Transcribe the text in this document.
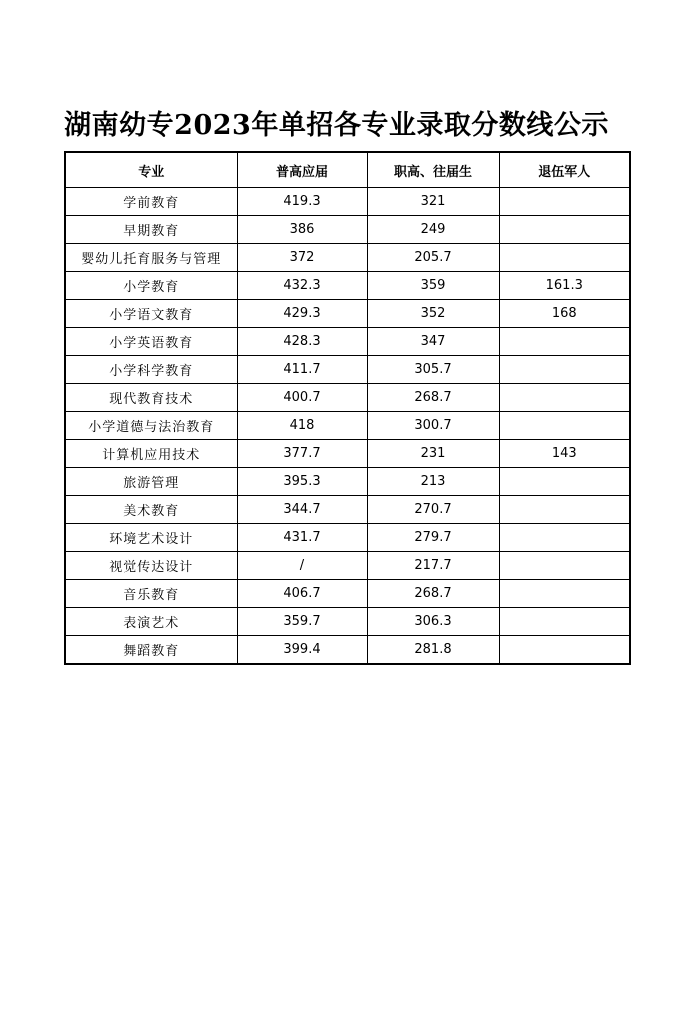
湖南幼专2023年单招各专业录取分数线公示
专业	普高应届	职高、往届生	退伍军人
学前教育	419.3	321	
早期教育	386	249	
婴幼儿托育服务与管理	372	205.7	
小学教育	432.3	359	161.3
小学语文教育	429.3	352	168
小学英语教育	428.3	347	
小学科学教育	411.7	305.7	
现代教育技术	400.7	268.7	
小学道德与法治教育	418	300.7	
计算机应用技术	377.7	231	143
旅游管理	395.3	213	
美术教育	344.7	270.7	
环境艺术设计	431.7	279.7	
视觉传达设计	/	217.7	
音乐教育	406.7	268.7	
表演艺术	359.7	306.3	
舞蹈教育	399.4	281.8	
